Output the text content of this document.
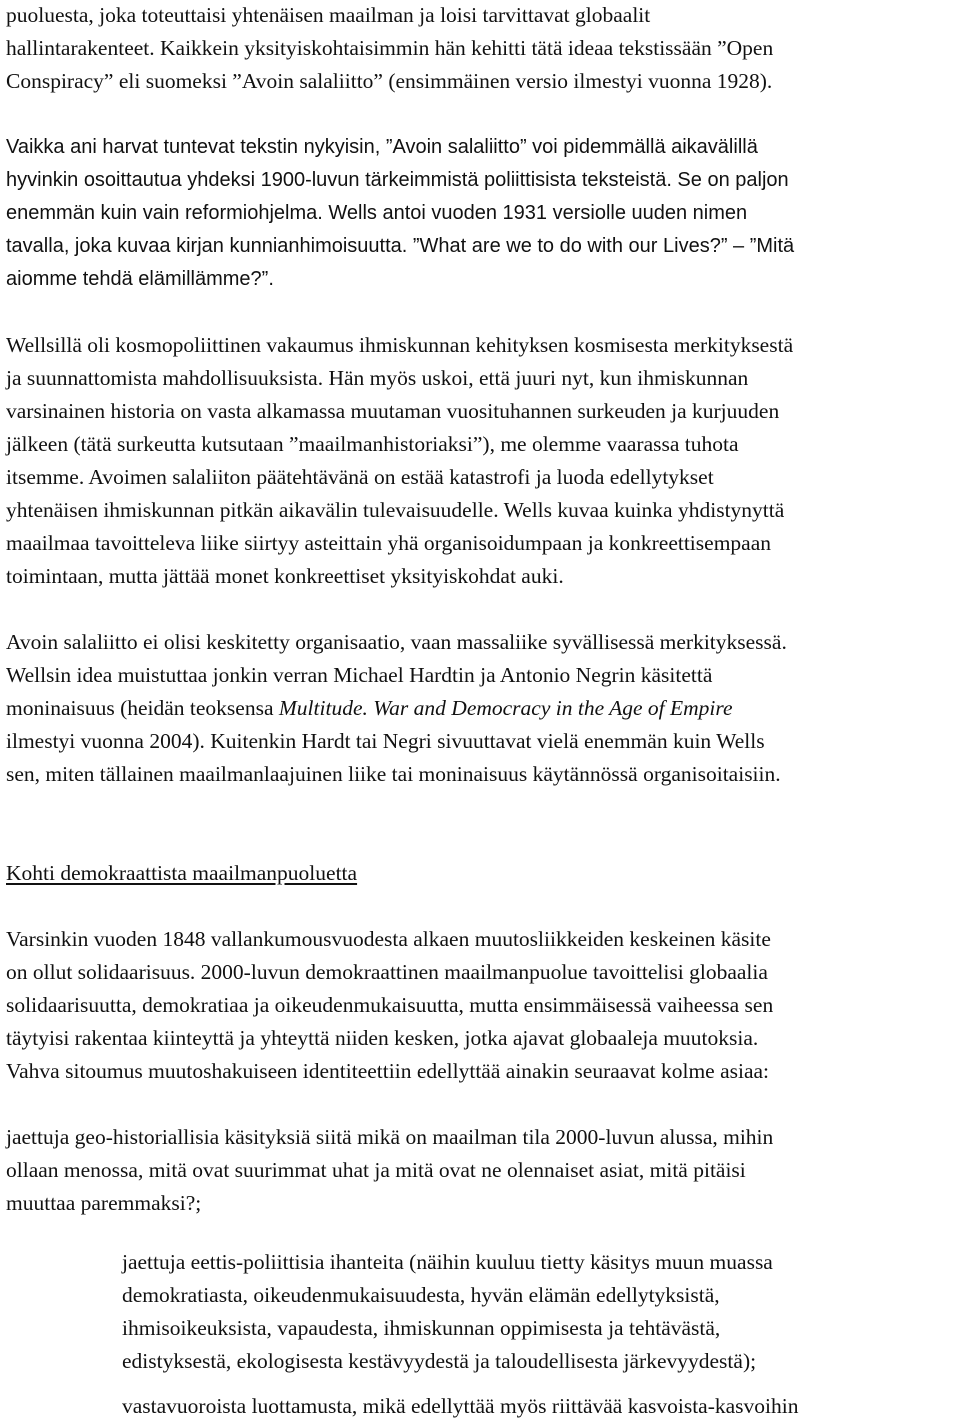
puoluesta, joka toteuttaisi yhtenäisen maailman ja loisi tarvittavat globaalit
hallintarakenteet. Kaikkein yksityiskohtaisimmin hän kehitti tätä ideaa tekstissään ”Open
Conspiracy” eli suomeksi ”Avoin salaliitto” (ensimmäinen versio ilmestyi vuonna 1928).

Vaikka ani harvat tuntevat tekstin nykyisin, ”Avoin salaliitto” voi pidemmällä aikavälillä
hyvinkin osoittautua yhdeksi 1900-luvun tärkeimmistä poliittisista teksteistä. Se on paljon
enemmän kuin vain reformiohjelma. Wells antoi vuoden 1931 versiolle uuden nimen
tavalla, joka kuvaa kirjan kunnianhimoisuutta. ”What are we to do with our Lives?” – ”Mitä
aiomme tehdä elämillämme?”.

Wellsillä oli kosmopoliittinen vakaumus ihmiskunnan kehityksen kosmisesta merkityksestä
ja suunnattomista mahdollisuuksista. Hän myös uskoi, että juuri nyt, kun ihmiskunnan
varsinainen historia on vasta alkamassa muutaman vuosituhannen surkeuden ja kurjuuden
jälkeen (tätä surkeutta kutsutaan ”maailmanhistoriaksi”), me olemme vaarassa tuhota
itsemme. Avoimen salaliiton päätehtävänä on estää katastrofi ja luoda edellytykset
yhtenäisen ihmiskunnan pitkän aikavälin tulevaisuudelle. Wells kuvaa kuinka yhdistynyttä
maailmaa tavoitteleva liike siirtyy asteittain yhä organisoidumpaan ja konkreettisempaan
toimintaan, mutta jättää monet konkreettiset yksityiskohdat auki.

Avoin salaliitto ei olisi keskitetty organisaatio, vaan massaliike syvällisessä merkityksessä.
Wellsin idea muistuttaa jonkin verran Michael Hardtin ja Antonio Negrin käsitettä
moninaisuus (heidän teoksensa Multitude. War and Democracy in the Age of Empire
ilmestyi vuonna 2004). Kuitenkin Hardt tai Negri sivuuttavat vielä enemmän kuin Wells
sen, miten tällainen maailmanlaajuinen liike tai moninaisuus käytännössä organisoitaisiin.

Kohti demokraattista maailmanpuoluetta

Varsinkin vuoden 1848 vallankumousvuodesta alkaen muutosliikkeiden keskeinen käsite
on ollut solidaarisuus. 2000-luvun demokraattinen maailmanpuolue tavoittelisi globaalia
solidaarisuutta, demokratiaa ja oikeudenmukaisuutta, mutta ensimmäisessä vaiheessa sen
täytyisi rakentaa kiinteyttä ja yhteyttä niiden kesken, jotka ajavat globaaleja muutoksia.
Vahva sitoumus muutoshakuiseen identiteettiin edellyttää ainakin seuraavat kolme asiaa:

jaettuja geo-historiallisia käsityksiä siitä mikä on maailman tila 2000-luvun alussa, mihin
ollaan menossa, mitä ovat suurimmat uhat ja mitä ovat ne olennaiset asiat, mitä pitäisi
muuttaa paremmaksi?;

jaettuja eettis-poliittisia ihanteita (näihin kuuluu tietty käsitys muun muassa
demokratiasta, oikeudenmukaisuudesta, hyvän elämän edellytyksistä,
ihmisoikeuksista, vapaudesta, ihmiskunnan oppimisesta ja tehtävästä,
edistyksestä, ekologisesta kestävyydestä ja taloudellisesta järkevyydestä);

vastavuoroista luottamusta, mikä edellyttää myös riittävää kasvoista-kasvoihin
